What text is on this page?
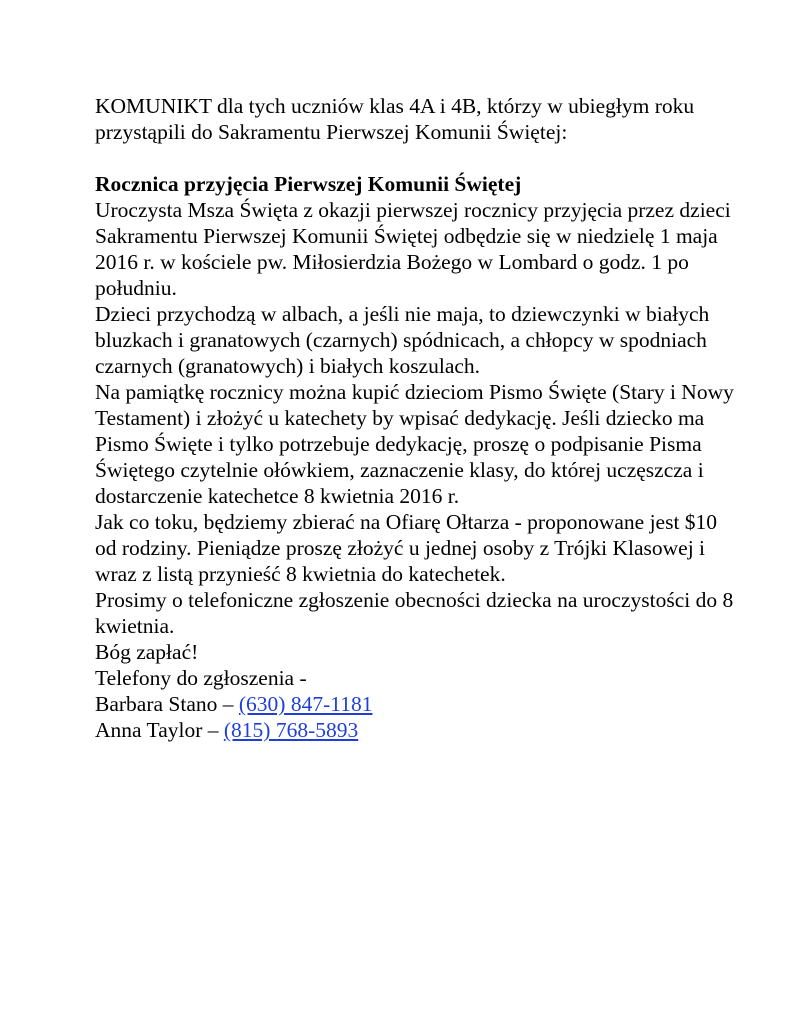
KOMUNIKT dla tych uczniów klas 4A i 4B, którzy w ubiegłym roku przystąpili do Sakramentu Pierwszej Komunii Świętej:

Rocznica przyjęcia Pierwszej Komunii Świętej

Uroczysta Msza Święta z okazji pierwszej rocznicy przyjęcia przez dzieci Sakramentu Pierwszej Komunii Świętej odbędzie się w niedzielę 1 maja 2016 r. w kościele pw. Miłosierdzia Bożego w Lombard o godz. 1 po południu.

Dzieci przychodzą w albach, a jeśli nie maja, to dziewczynki w białych bluzkach i granatowych (czarnych) spódnicach, a chłopcy w spodniach czarnych (granatowych) i białych koszulach.

Na pamiątkę rocznicy można kupić dzieciom Pismo Święte (Stary i Nowy Testament) i złożyć u katechety by wpisać dedykację. Jeśli dziecko ma Pismo Święte i tylko potrzebuje dedykację, proszę o podpisanie Pisma Świętego czytelnie ołówkiem, zaznaczenie klasy, do której uczęszcza i dostarczenie katechetce 8 kwietnia 2016 r.

Jak co toku, będziemy zbierać na Ofiarę Ołtarza - proponowane jest $10 od rodziny. Pieniądze proszę złożyć u jednej osoby z Trójki Klasowej i wraz z listą przynieść 8 kwietnia do katechetek.

Prosimy o telefoniczne zgłoszenie obecności dziecka na uroczystości do 8 kwietnia.

Bóg zapłać!

Telefony do zgłoszenia -

Barbara Stano – (630) 847-1181

Anna Taylor – (815) 768-5893
